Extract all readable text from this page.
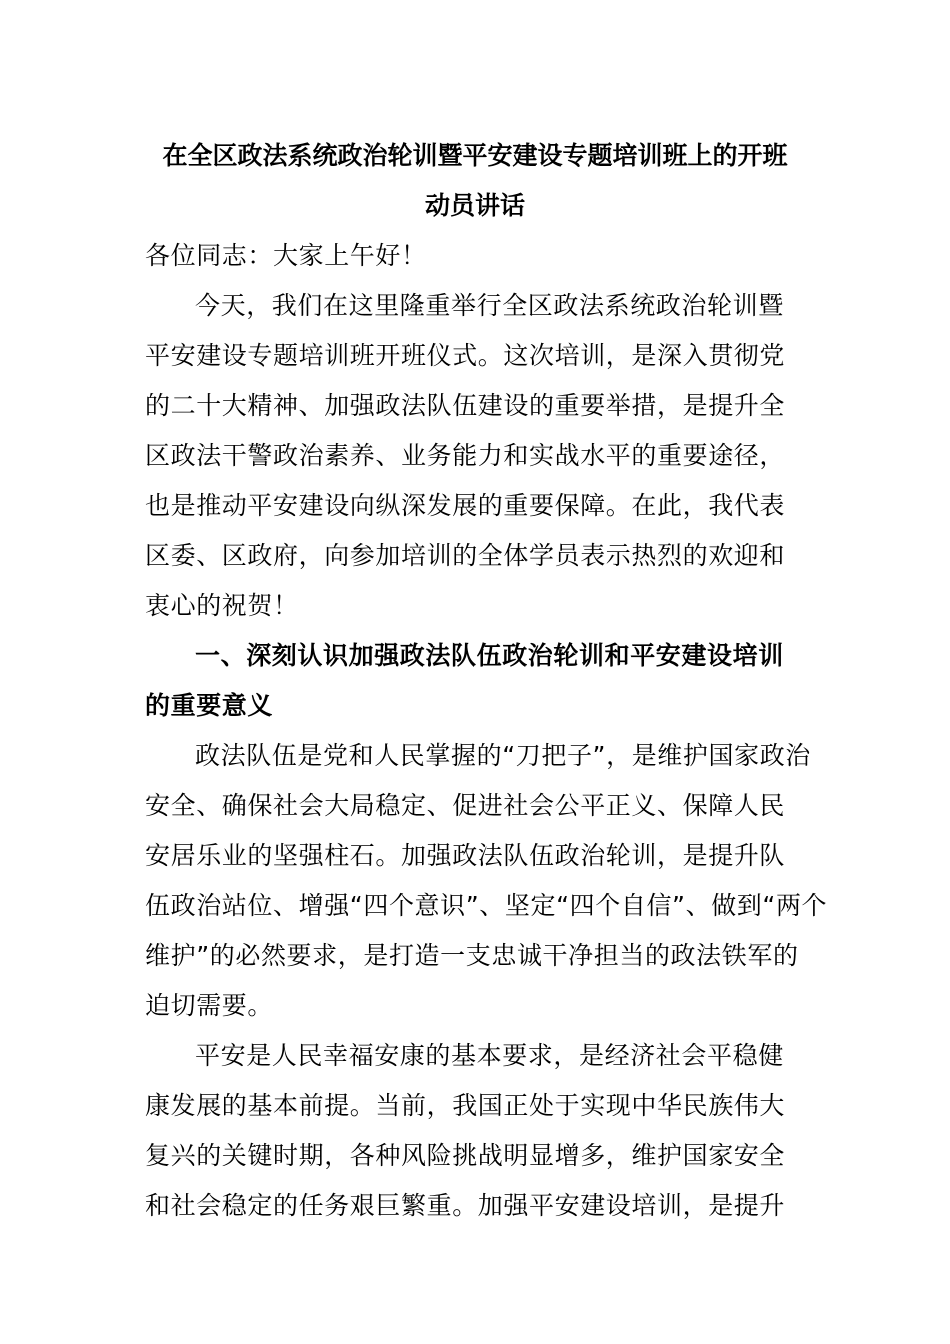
在全区政法系统政治轮训暨平安建设专题培训班上的开班
动员讲话
各位同志：大家上午好！
今天，我们在这里隆重举行全区政法系统政治轮训暨
平安建设专题培训班开班仪式。这次培训，是深入贯彻党
的二十大精神、加强政法队伍建设的重要举措，是提升全
区政法干警政治素养、业务能力和实战水平的重要途径，
也是推动平安建设向纵深发展的重要保障。在此，我代表
区委、区政府，向参加培训的全体学员表示热烈的欢迎和
衷心的祝贺！
一、深刻认识加强政法队伍政治轮训和平安建设培训
的重要意义
政法队伍是党和人民掌握的“刀把子”，是维护国家政治
安全、确保社会大局稳定、促进社会公平正义、保障人民
安居乐业的坚强柱石。加强政法队伍政治轮训，是提升队
伍政治站位、增强“四个意识”、坚定“四个自信”、做到“两个
维护”的必然要求，是打造一支忠诚干净担当的政法铁军的
迫切需要。
平安是人民幸福安康的基本要求，是经济社会平稳健
康发展的基本前提。当前，我国正处于实现中华民族伟大
复兴的关键时期，各种风险挑战明显增多，维护国家安全
和社会稳定的任务艰巨繁重。加强平安建设培训，是提升
